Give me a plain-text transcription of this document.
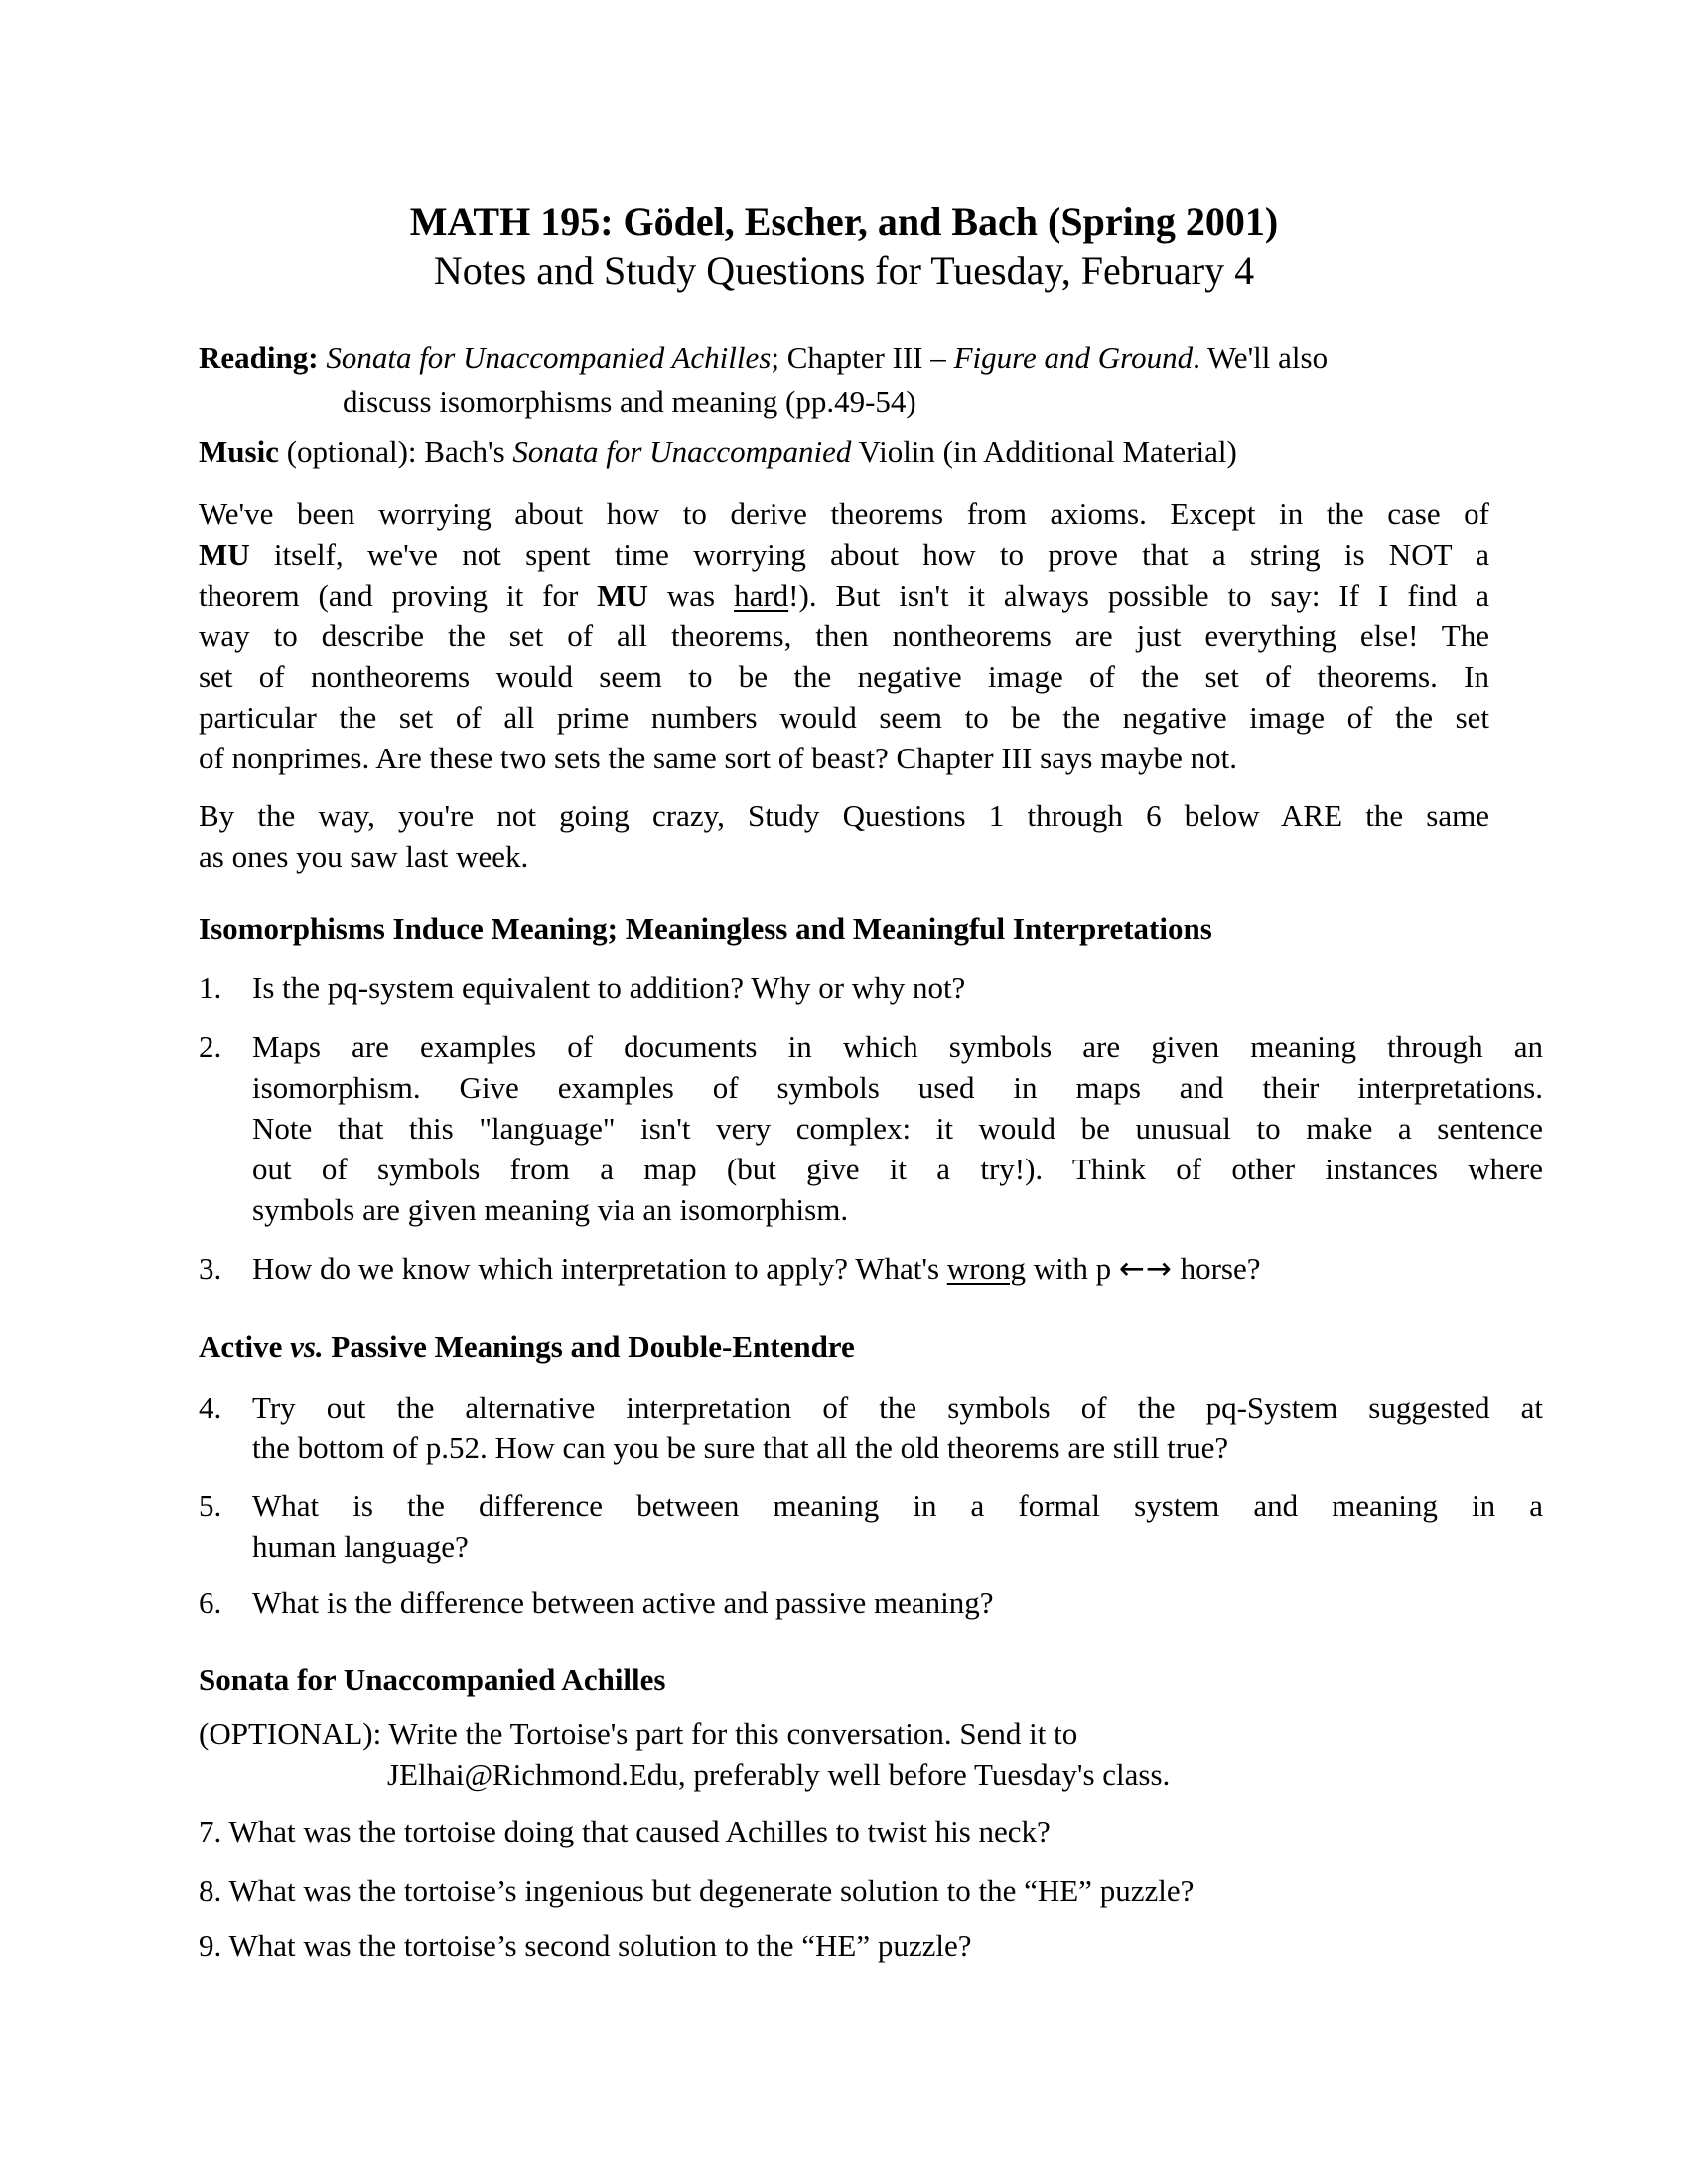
MATH 195: Gödel, Escher, and Bach (Spring 2001)
Notes and Study Questions for Tuesday, February 4
Reading: Sonata for Unaccompanied Achilles; Chapter III – Figure and Ground. We'll also
discuss isomorphisms and meaning (pp.49-54)
Music (optional): Bach's Sonata for Unaccompanied Violin (in Additional Material)
We've been worrying about how to derive theorems from axioms. Except in the case of
MU itself, we've not spent time worrying about how to prove that a string is NOT a
theorem (and proving it for MU was hard!). But isn't it always possible to say: If I find a
way to describe the set of all theorems, then nontheorems are just everything else! The
set of nontheorems would seem to be the negative image of the set of theorems. In
particular the set of all prime numbers would seem to be the negative image of the set
of nonprimes. Are these two sets the same sort of beast? Chapter III says maybe not.
By the way, you're not going crazy, Study Questions 1 through 6 below ARE the same
as ones you saw last week.
Isomorphisms Induce Meaning; Meaningless and Meaningful Interpretations
1. Is the pq-system equivalent to addition? Why or why not?
2. Maps are examples of documents in which symbols are given meaning through an
isomorphism. Give examples of symbols used in maps and their interpretations.
Note that this "language" isn't very complex: it would be unusual to make a sentence
out of symbols from a map (but give it a try!). Think of other instances where
symbols are given meaning via an isomorphism.
3. How do we know which interpretation to apply? What's wrong with p ←→ horse?
Active vs. Passive Meanings and Double-Entendre
4. Try out the alternative interpretation of the symbols of the pq-System suggested at
the bottom of p.52. How can you be sure that all the old theorems are still true?
5. What is the difference between meaning in a formal system and meaning in a
human language?
6. What is the difference between active and passive meaning?
Sonata for Unaccompanied Achilles
(OPTIONAL): Write the Tortoise's part for this conversation. Send it to
JElhai@Richmond.Edu, preferably well before Tuesday's class.
7. What was the tortoise doing that caused Achilles to twist his neck?
8. What was the tortoise’s ingenious but degenerate solution to the “HE” puzzle?
9. What was the tortoise’s second solution to the “HE” puzzle?
